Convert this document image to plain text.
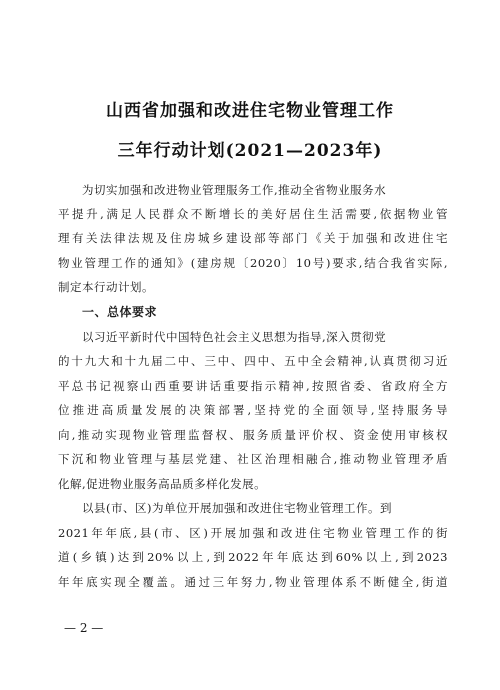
山西省加强和改进住宅物业管理工作
三年行动计划(2021—2023年)
为切实加强和改进物业管理服务工作,推动全省物业服务水
平提升,满足人民群众不断增长的美好居住生活需要,依据物业管
理有关法律法规及住房城乡建设部等部门《关于加强和改进住宅
物业管理工作的通知》(建房规〔2020〕10号)要求,结合我省实际,
制定本行动计划。
一、总体要求
以习近平新时代中国特色社会主义思想为指导,深入贯彻党
的十九大和十九届二中、三中、四中、五中全会精神,认真贯彻习近
平总书记视察山西重要讲话重要指示精神,按照省委、省政府全方
位推进高质量发展的决策部署,坚持党的全面领导,坚持服务导
向,推动实现物业管理监督权、服务质量评价权、资金使用审核权
下沉和物业管理与基层党建、社区治理相融合,推动物业管理矛盾
化解,促进物业服务高品质多样化发展。
以县(市、区)为单位开展加强和改进住宅物业管理工作。到
2021年年底,县(市、区)开展加强和改进住宅物业管理工作的街
道(乡镇)达到20%以上,到2022年年底达到60%以上,到2023
年年底实现全覆盖。通过三年努力,物业管理体系不断健全,街道
— 2 —
